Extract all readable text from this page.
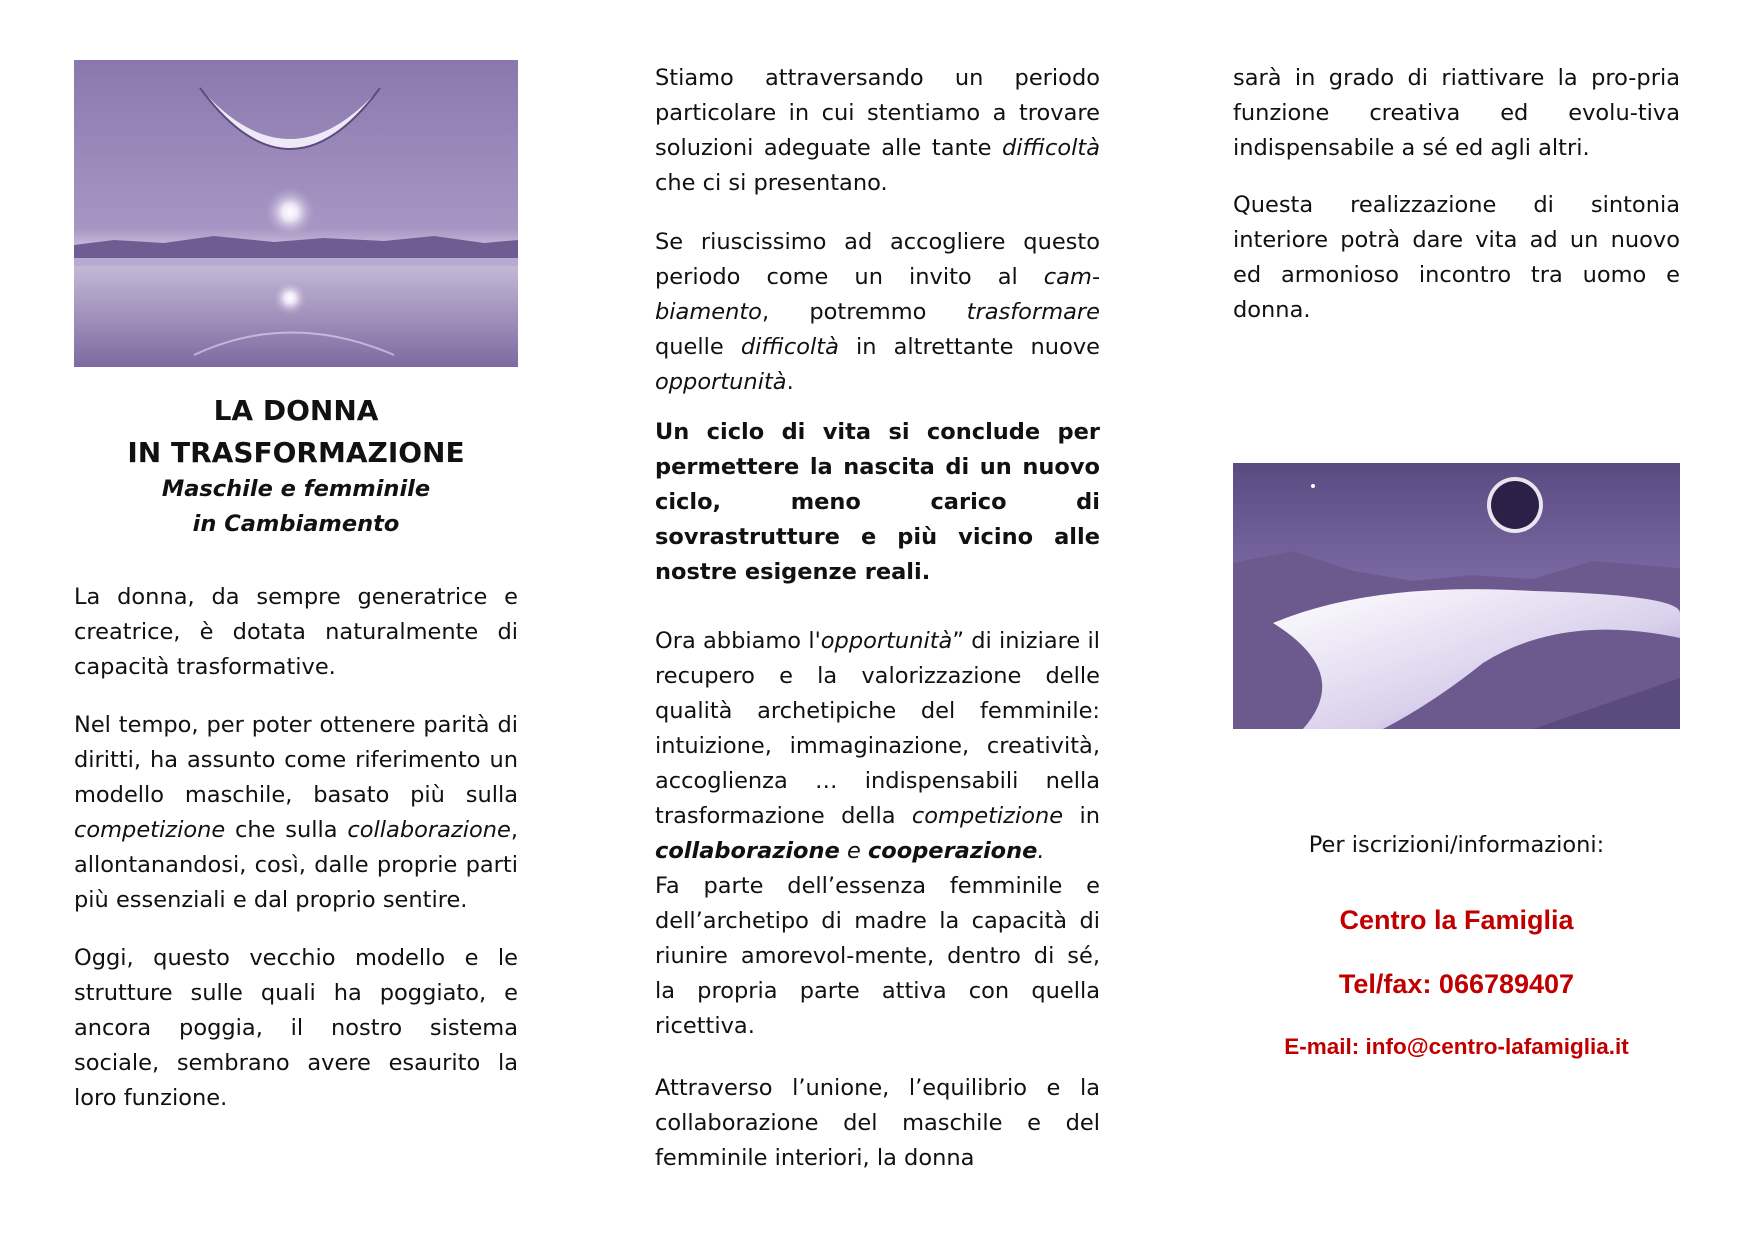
LA DONNA
IN TRASFORMAZIONE
Maschile e femminile
in Cambiamento

La donna, da sempre generatrice e creatrice, è dotata naturalmente di capacità trasformative.

Nel tempo, per poter ottenere parità di diritti, ha assunto come riferimento un modello maschile, basato più sulla competizione che sulla collaborazione, allontanandosi, così, dalle proprie parti più essenziali e dal proprio sentire.

Oggi, questo vecchio modello e le strutture sulle quali ha poggiato, e ancora poggia, il nostro sistema sociale, sembrano avere esaurito la loro funzione.

Stiamo attraversando un periodo particolare in cui stentiamo a trovare soluzioni adeguate alle tante difficoltà che ci si presentano.

Se riuscissimo ad accogliere questo periodo come un invito al cam-biamento, potremmo trasformare quelle difficoltà in altrettante nuove opportunità.

Un ciclo di vita si conclude per permettere la nascita di un nuovo ciclo, meno carico di sovrastrutture e più vicino alle nostre esigenze reali.

Ora abbiamo l'opportunità” di iniziare il recupero e la valorizzazione delle qualità archetipiche del femminile: intuizione, immaginazione, creatività, accoglienza … indispensabili nella trasformazione della competizione in collaborazione e cooperazione.

Fa parte dell’essenza femminile e dell’archetipo di madre la capacità di riunire amorevol-mente, dentro di sé, la propria parte attiva con quella ricettiva.

Attraverso l’unione, l’equilibrio e la collaborazione del maschile e del femminile interiori, la donna

sarà in grado di riattivare la pro-pria funzione creativa ed evolu-tiva indispensabile a sé ed agli altri.

Questa realizzazione di sintonia interiore potrà dare vita ad un nuovo ed armonioso incontro tra uomo e donna.

Per iscrizioni/informazioni:
Centro la Famiglia
Tel/fax: 066789407
E-mail: info@centro-lafamiglia.it
